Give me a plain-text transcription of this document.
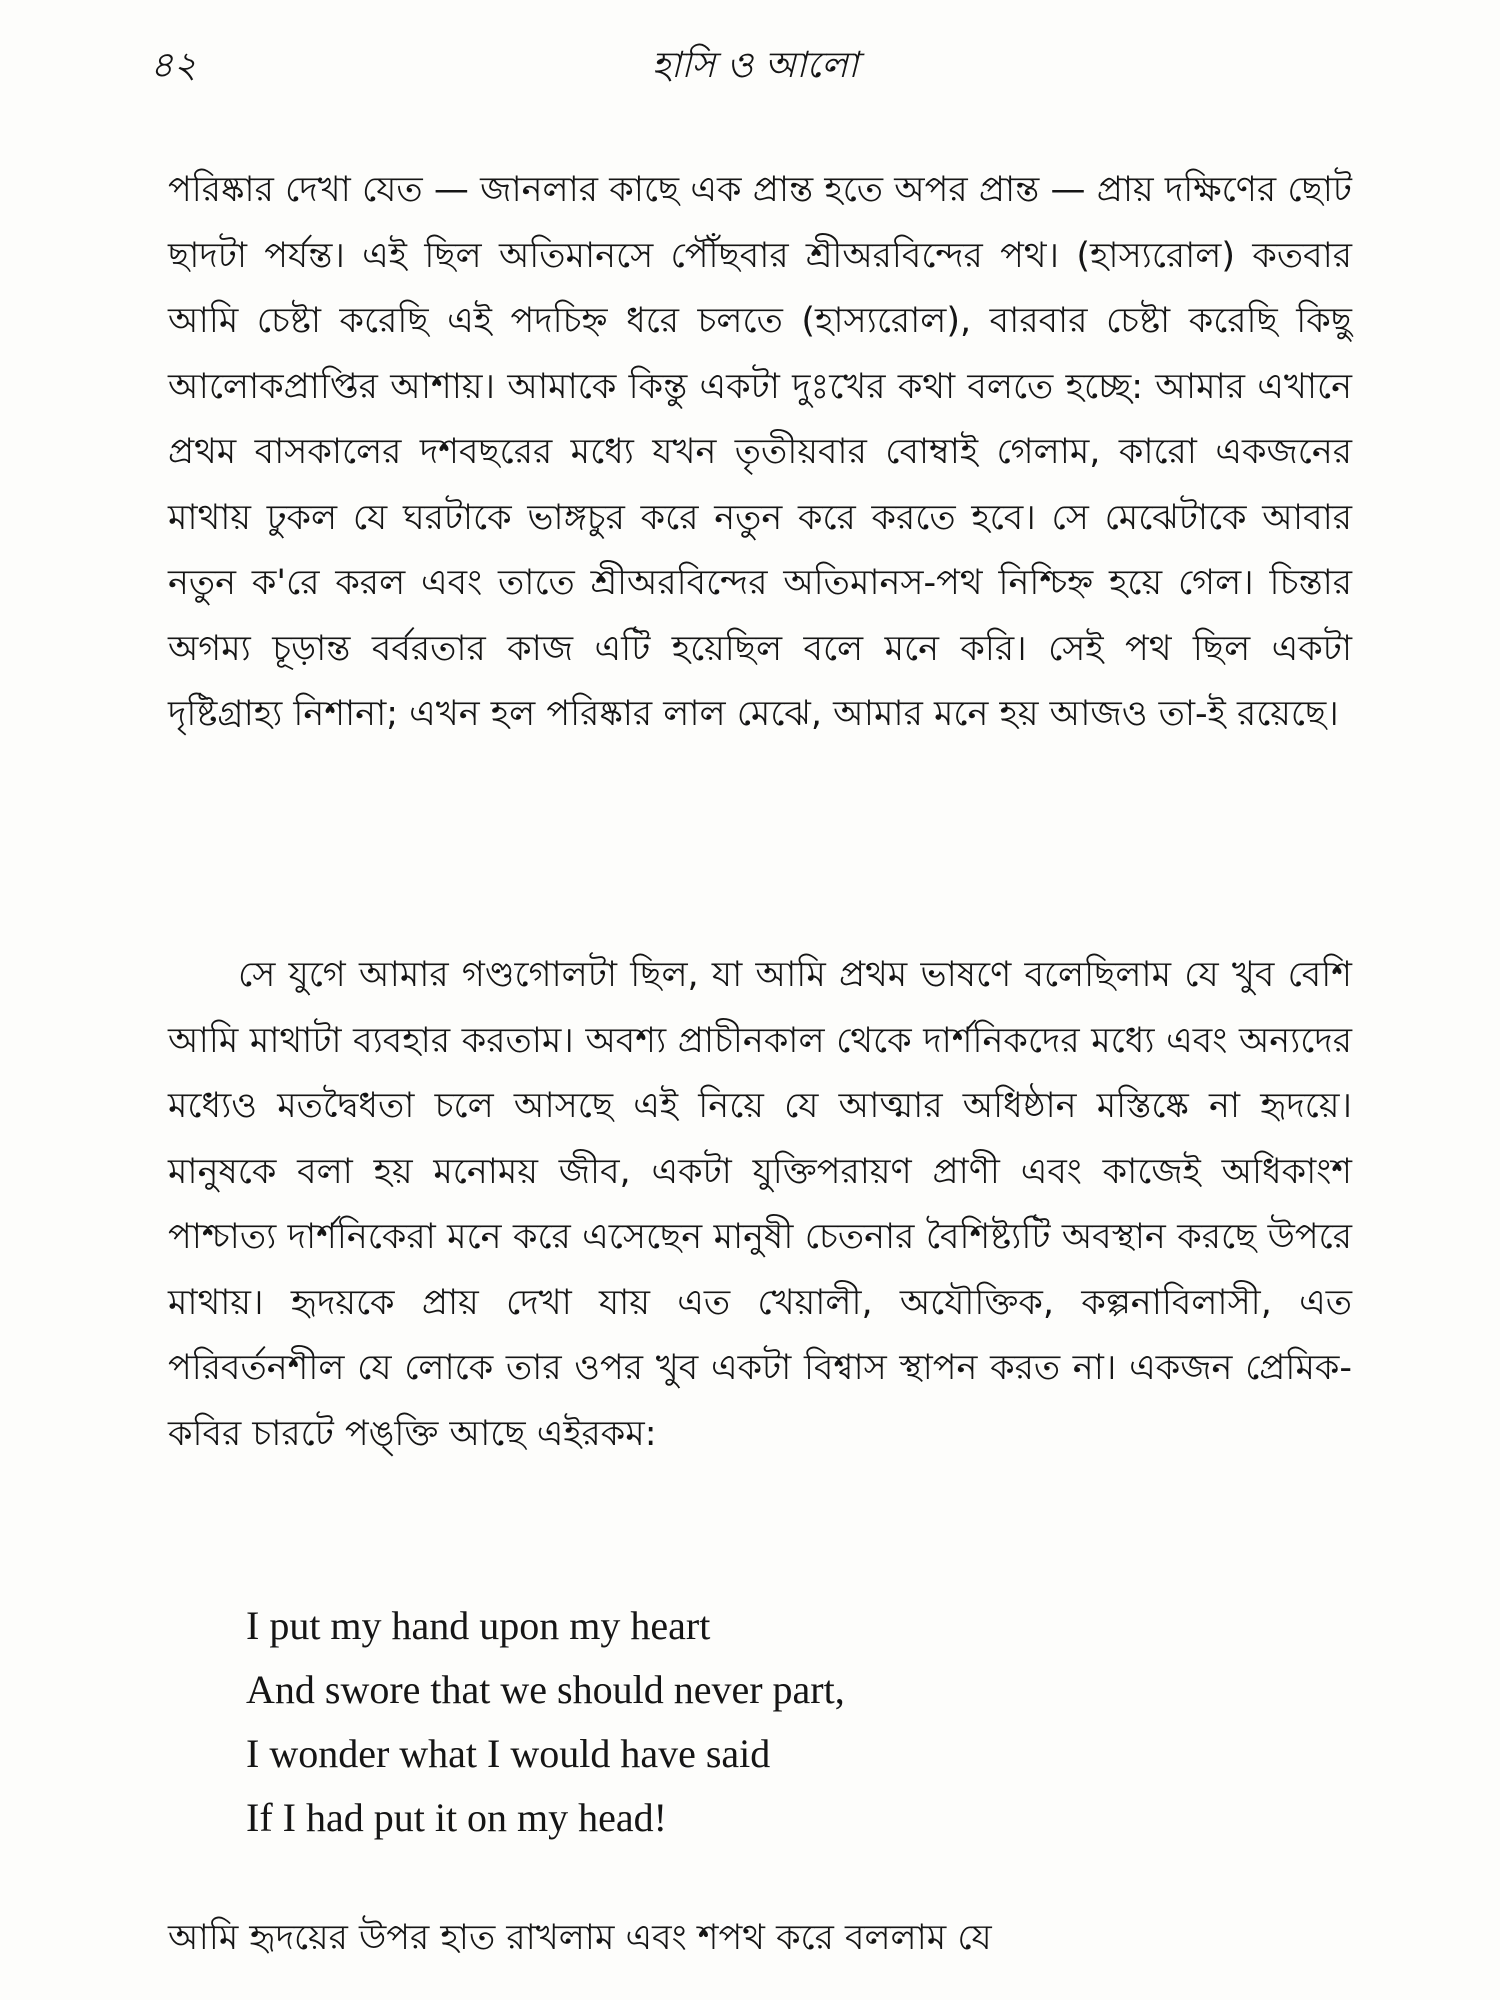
৪২	হাসি ও আলো

পরিষ্কার দেখা যেত — জানলার কাছে এক প্রান্ত হতে অপর প্রান্ত — প্রায় দক্ষিণের ছোট ছাদটা পর্যন্ত। এই ছিল অতিমানসে পৌঁছবার শ্রীঅরবিন্দের পথ। (হাস্যরোল) কতবার আমি চেষ্টা করেছি এই পদচিহ্ন ধরে চলতে (হাস্যরোল), বারবার চেষ্টা করেছি কিছু আলোকপ্রাপ্তির আশায়। আমাকে কিন্তু একটা দুঃখের কথা বলতে হচ্ছে: আমার এখানে প্রথম বাসকালের দশবছরের মধ্যে যখন তৃতীয়বার বোম্বাই গেলাম, কারো একজনের মাথায় ঢুকল যে ঘরটাকে ভাঙ্গচুর করে নতুন করে করতে হবে। সে মেঝেটাকে আবার নতুন ক'রে করল এবং তাতে শ্রীঅরবিন্দের অতিমানস-পথ নিশ্চিহ্ন হয়ে গেল। চিন্তার অগম্য চূড়ান্ত বর্বরতার কাজ এটি হয়েছিল বলে মনে করি। সেই পথ ছিল একটা দৃষ্টিগ্রাহ্য নিশানা; এখন হল পরিষ্কার লাল মেঝে, আমার মনে হয় আজও তা-ই রয়েছে।

সে যুগে আমার গণ্ডগোলটা ছিল, যা আমি প্রথম ভাষণে বলেছিলাম যে খুব বেশি আমি মাথাটা ব্যবহার করতাম। অবশ্য প্রাচীনকাল থেকে দার্শনিকদের মধ্যে এবং অন্যদের মধ্যেও মতদ্বৈধতা চলে আসছে এই নিয়ে যে আত্মার অধিষ্ঠান মস্তিষ্কে না হৃদয়ে। মানুষকে বলা হয় মনোময় জীব, একটা যুক্তিপরায়ণ প্রাণী এবং কাজেই অধিকাংশ পাশ্চাত্য দার্শনিকেরা মনে করে এসেছেন মানুষী চেতনার বৈশিষ্ট্যটি অবস্থান করছে উপরে মাথায়। হৃদয়কে প্রায় দেখা যায় এত খেয়ালী, অযৌক্তিক, কল্পনাবিলাসী, এত পরিবর্তনশীল যে লোকে তার ওপর খুব একটা বিশ্বাস স্থাপন করত না। একজন প্রেমিক-কবির চারটে পঙ্‌ক্তি আছে এইরকম:

I put my hand upon my heart
And swore that we should never part,
I wonder what I would have said
If I had put it on my head!

আমি হৃদয়ের উপর হাত রাখলাম এবং শপথ করে বললাম যে
